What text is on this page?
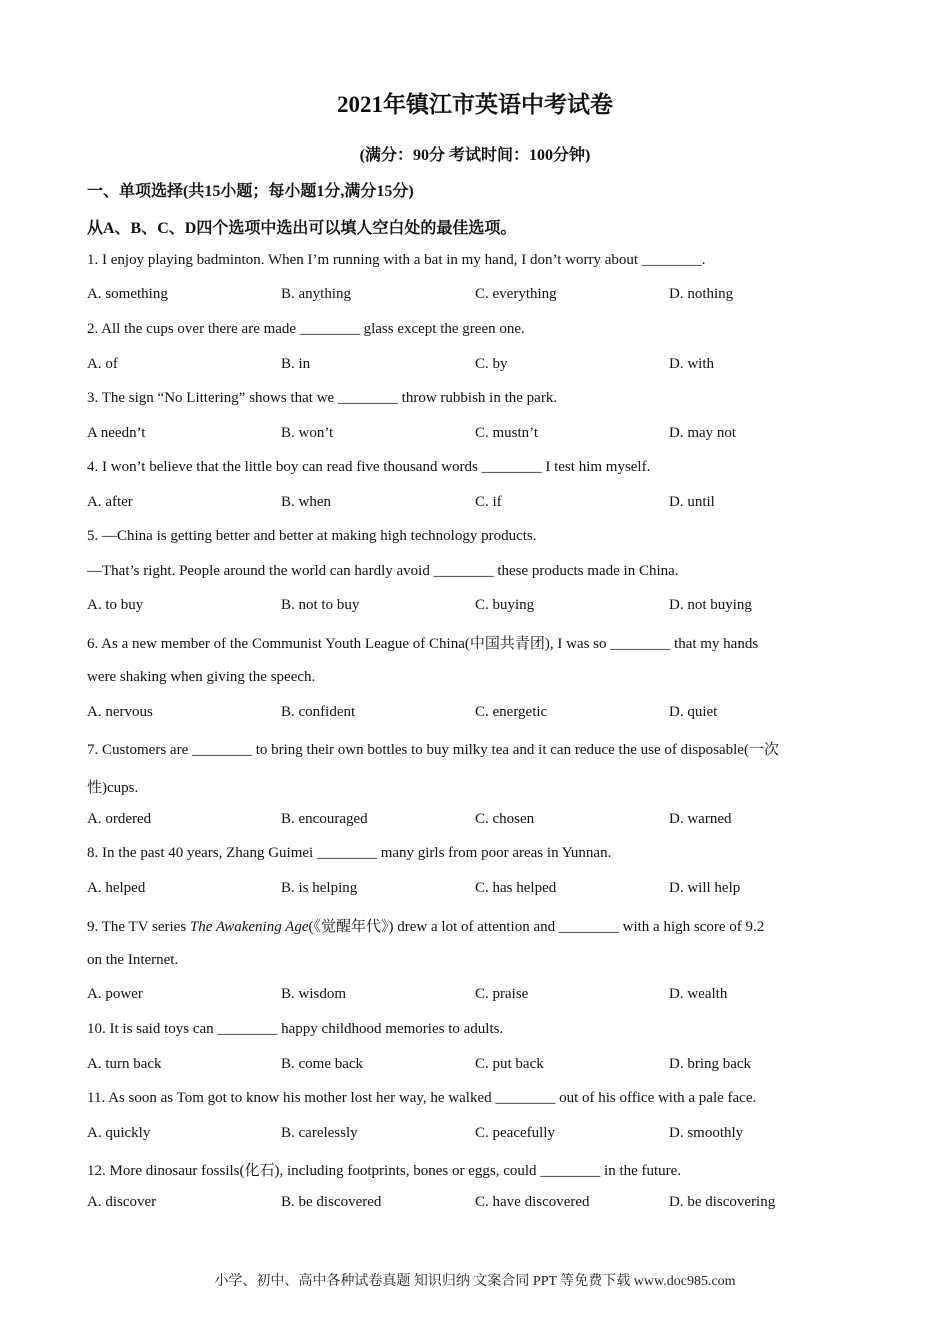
2021年镇江市英语中考试卷
(满分：90分 考试时间：100分钟)
一、单项选择(共15小题；每小题1分,满分15分)
从A、B、C、D四个选项中选出可以填人空白处的最佳选项。
1. I enjoy playing badminton. When I’m running with a bat in my hand, I don’t worry about ________.
A. something	B. anything	C. everything	D. nothing
2. All the cups over there are made ________ glass except the green one.
A. of	B. in	C. by	D. with
3. The sign “No Littering” shows that we ________ throw rubbish in the park.
A needn’t	B. won’t	C. mustn’t	D. may not
4. I won’t believe that the little boy can read five thousand words ________ I test him myself.
A. after	B. when	C. if	D. until
5. —China is getting better and better at making high technology products.
—That’s right. People around the world can hardly avoid ________ these products made in China.
A. to buy	B. not to buy	C. buying	D. not buying
6. As a new member of the Communist Youth League of China(中国共青团), I was so ________ that my hands
were shaking when giving the speech.
A. nervous	B. confident	C. energetic	D. quiet
7. Customers are ________ to bring their own bottles to buy milky tea and it can reduce the use of disposable(一次
性)cups.
A. ordered	B. encouraged	C. chosen	D. warned
8. In the past 40 years, Zhang Guimei ________ many girls from poor areas in Yunnan.
A. helped	B. is helping	C. has helped	D. will help
9. The TV series The Awakening Age(《觉醒年代》) drew a lot of attention and ________ with a high score of 9.2
on the Internet.
A. power	B. wisdom	C. praise	D. wealth
10. It is said toys can ________ happy childhood memories to adults.
A. turn back	B. come back	C. put back	D. bring back
11. As soon as Tom got to know his mother lost her way, he walked ________ out of his office with a pale face.
A. quickly	B. carelessly	C. peacefully	D. smoothly
12. More dinosaur fossils(化石), including footprints, bones or eggs, could ________ in the future.
A. discover	B. be discovered	C. have discovered	D. be discovering
小学、初中、高中各种试卷真题 知识归纳 文案合同 PPT 等免费下载 www.doc985.com
